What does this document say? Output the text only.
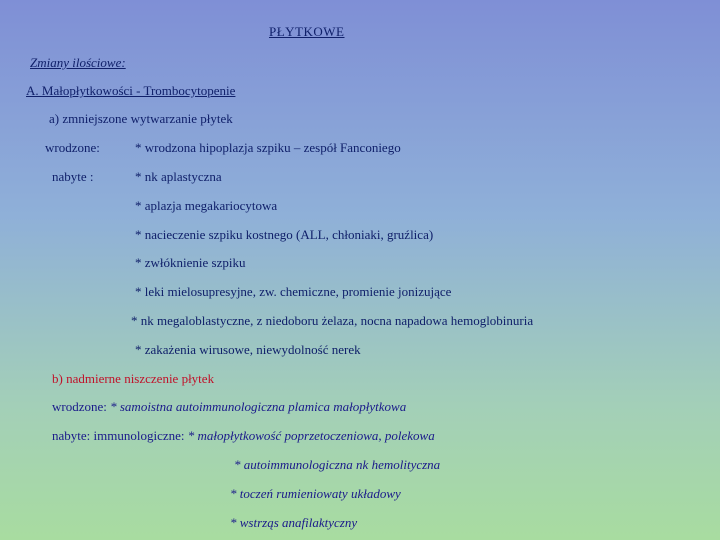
PŁYTKOWE
Zmiany ilościowe:
A. Małopłytkowości - Trombocytopenie
a) zmniejszone wytwarzanie płytek
wrodzone:	* wrodzona hipoplazja szpiku – zespół Fanconiego
nabyte :	* nk aplastyczna
* aplazja megakariocytowa
* nacieczenie szpiku kostnego (ALL, chłoniaki, gruźlica)
* zwłóknienie szpiku
* leki mielosupresyjne, zw. chemiczne, promienie jonizujące
* nk megaloblastyczne, z niedoboru żelaza, nocna napadowa hemoglobinuria
* zakażenia wirusowe, niewydolność nerek
b) nadmierne niszczenie płytek
wrodzone: * samoistna autoimmunologiczna plamica małopłytkowa
nabyte: immunologiczne: * małopłytkowość poprzetoczeniowa, polekowa
* autoimmunologiczna nk hemolityczna
* toczeń rumieniowaty układowy
* wstrząs anafilaktyczny
